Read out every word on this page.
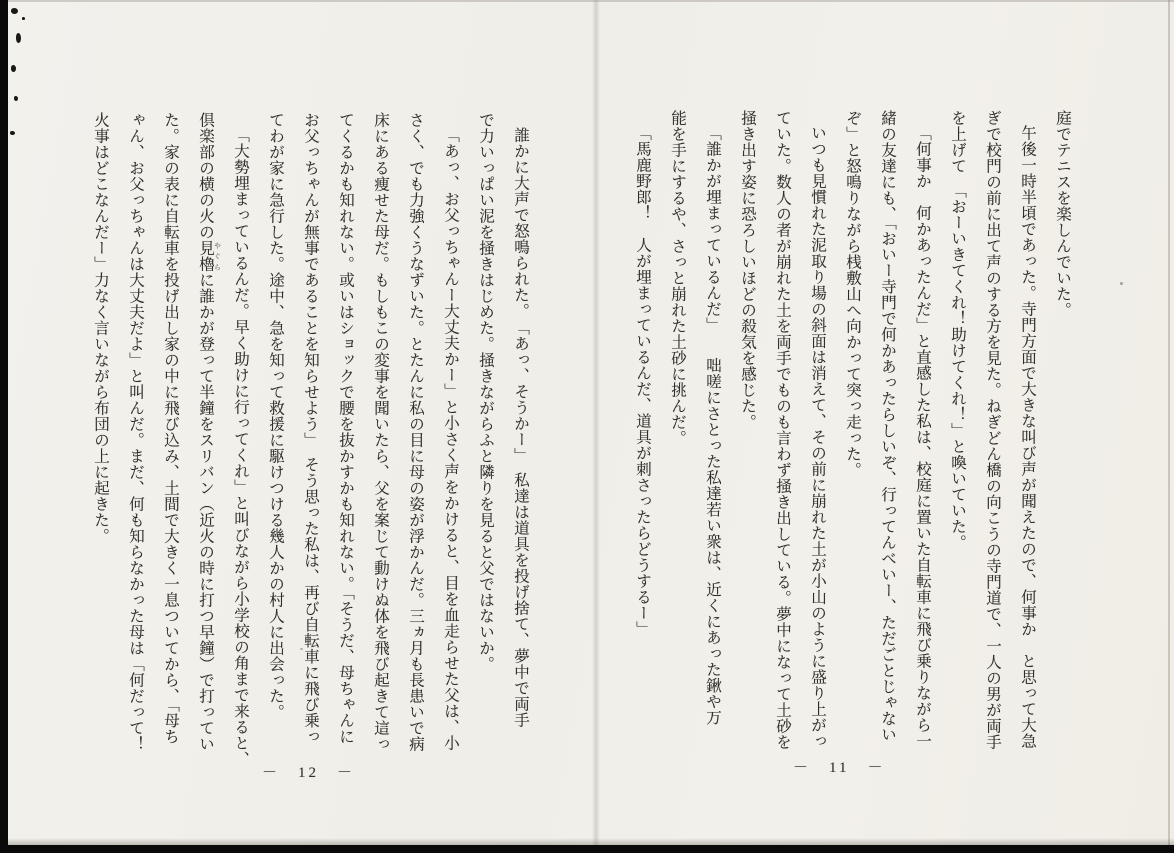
庭でテニスを楽しんでいた。
午後一時半頃であった。寺門方面で大きな叫び声が聞えたので、何事か　と思って大急
ぎで校門の前に出て声のする方を見た。ねぎどん橋の向こうの寺門道で、一人の男が両手
を上げて　「おーいきてくれ！助けてくれ！」と喚いていた。
「何事か　何かあったんだ」と直感した私は、校庭に置いた自転車に飛び乗りながら一
緒の友達にも、「おいー寺門で何かあったらしいぞ、行ってんべいー、ただごとじゃない
ぞ」と怒鳴りながら桟敷山へ向かって突っ走った。
いつも見慣れた泥取り場の斜面は消えて、その前に崩れた土が小山のように盛り上がっ
ていた。数人の者が崩れた土を両手でものも言わず掻き出している。夢中になって土砂を
掻き出す姿に恐ろしいほどの殺気を感じた。
「誰かが埋まっているんだ」　　咄嗟にさとった私達若い衆は、近くにあった鍬や万
能を手にするや、さっと崩れた土砂に挑んだ。
「馬鹿野郎！　人が埋まっているんだ、道具が刺さったらどうするー」
誰かに大声で怒鳴られた。　「あっ、そうかー」　私達は道具を投げ捨て、夢中で両手
で力いっぱい泥を掻きはじめた。掻きながらふと隣りを見ると父ではないか。
「あっ、お父っちゃんー大丈夫かー」と小さく声をかけると、目を血走らせた父は、小
さく、でも力強くうなずいた。とたんに私の目に母の姿が浮かんだ。三ヵ月も長患いで病
床にある痩せた母だ。もしもこの変事を聞いたら、父を案じて動けぬ体を飛び起きて這っ
てくるかも知れない。或いはショックで腰を抜かすかも知れない。「そうだ、母ちゃんに
お父っちゃんが無事であることを知らせよう」　そう思った私は、再び自転車に飛び乗っ
てわが家に急行した。途中、急を知って救援に駆けつける幾人かの村人に出会った。
「大勢埋まっているんだ。早く助けに行ってくれ」と叫びながら小学校の角まで来ると、
倶楽部の横の火の見櫓 やぐらに誰かが登って半鐘をスリバン（近火の時に打つ早鐘）で打ってい
た。家の表に自転車を投げ出し家の中に飛び込み、土間で大きく一息ついてから、「母ち
ゃん、お父っちゃんは大丈夫だよ」と叫んだ。まだ、何も知らなかった母は「何だって！
火事はどこなんだー」力なく言いながら布団の上に起きた。
－　11　－
－　12　－
